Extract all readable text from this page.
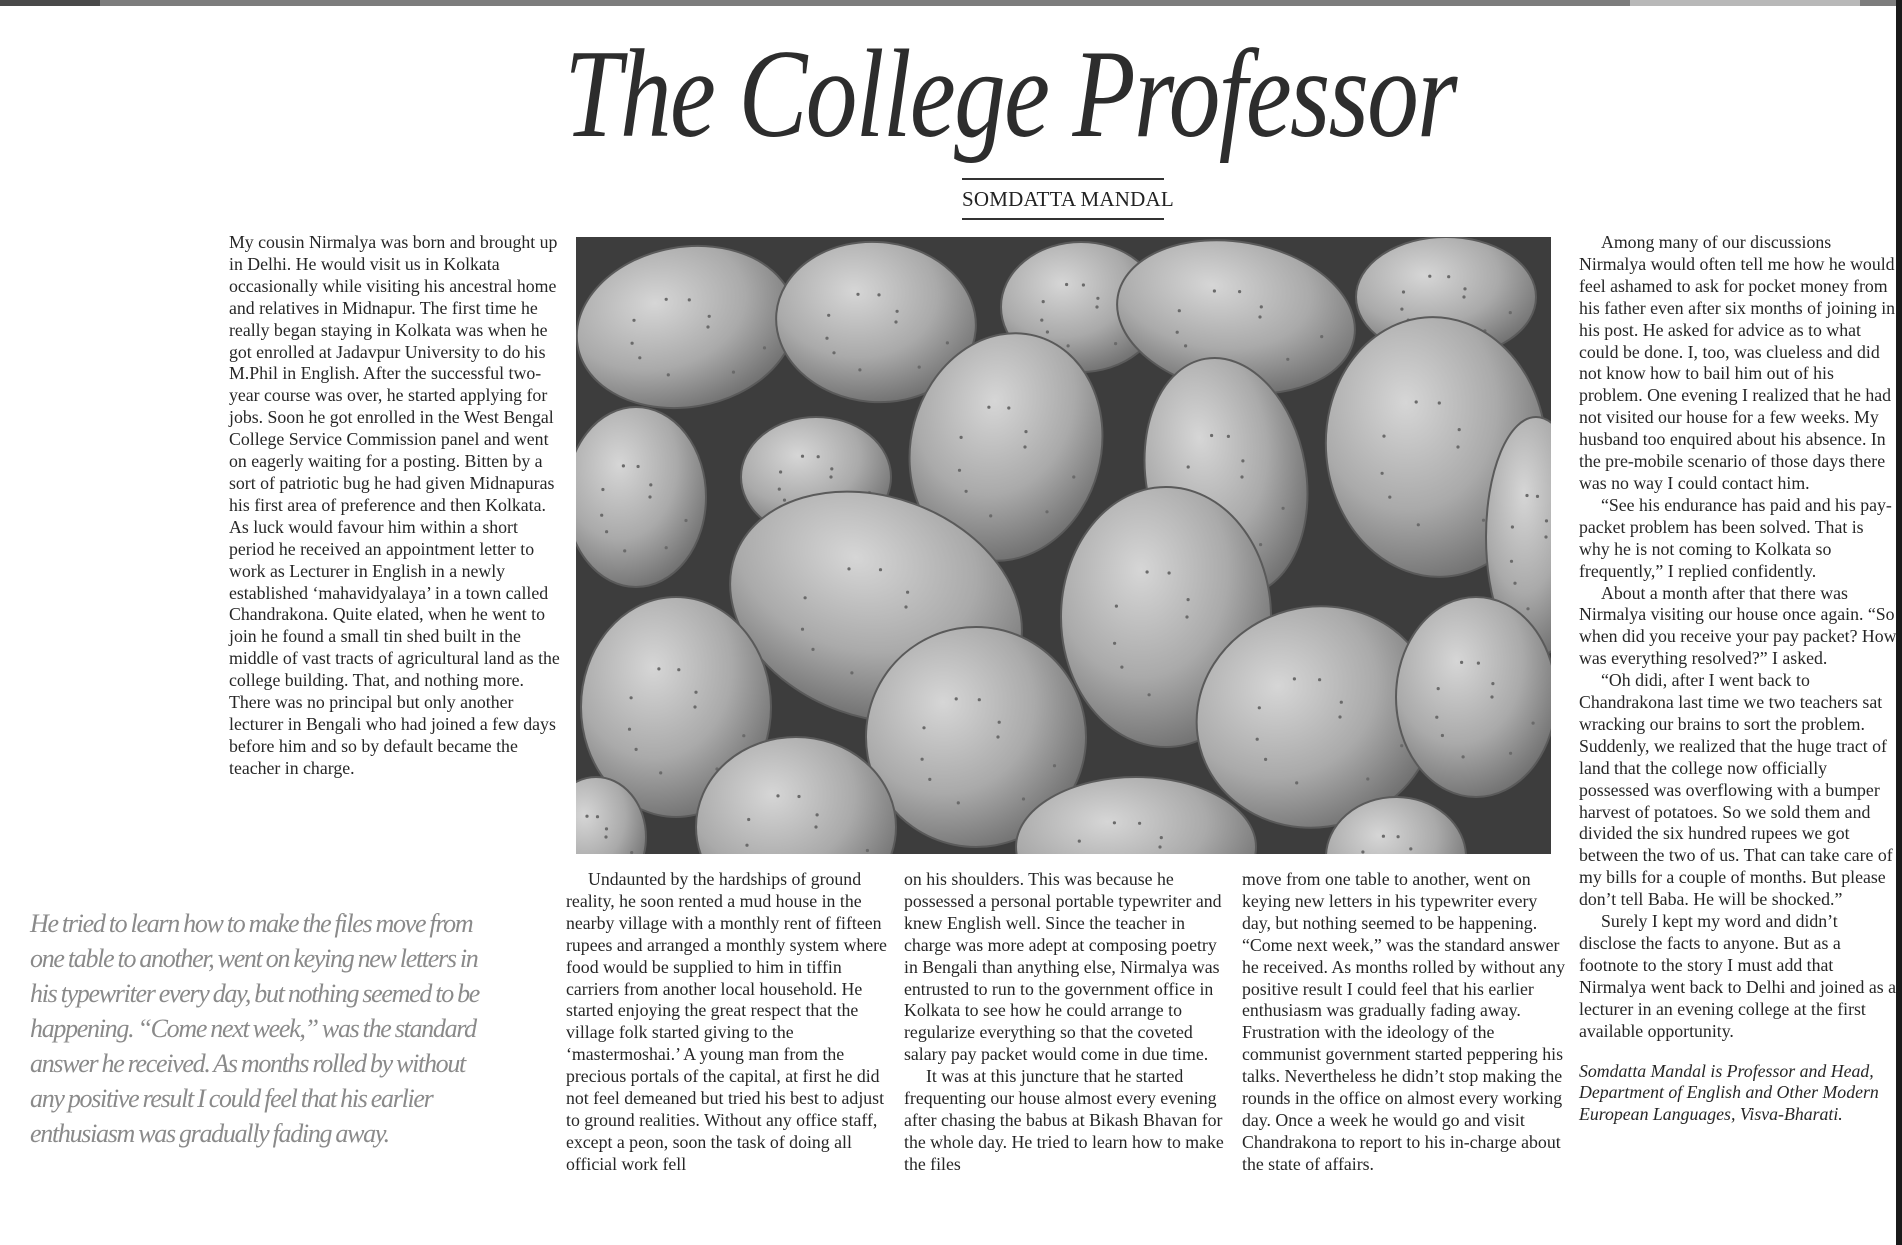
The College Professor
SOMDATTA MANDAL

My cousin Nirmalya was born and brought up in Delhi. He would visit us in Kolkata occasionally while visiting his ancestral home and relatives in Midnapur. The first time he really began staying in Kolkata was when he got enrolled at Jadavpur University to do his M.Phil in English. After the successful two-year course was over, he started applying for jobs. Soon he got enrolled in the West Bengal College Service Commission panel and went on eagerly waiting for a posting. Bitten by a sort of patriotic bug he had given Midnapuras his first area of preference and then Kolkata. As luck would favour him within a short period he received an appointment letter to work as Lecturer in English in a newly established ‘mahavidyalaya’ in a town called Chandrakona. Quite elated, when he went to join he found a small tin shed built in the middle of vast tracts of agricultural land as the college building. That, and nothing more. There was no principal but only another lecturer in Bengali who had joined a few days before him and so by default became the teacher in charge.

Undaunted by the hardships of ground reality, he soon rented a mud house in the nearby village with a monthly rent of fifteen rupees and arranged a monthly system where food would be supplied to him in tiffin carriers from another local household. He started enjoying the great respect that the village folk started giving to the ‘mastermoshai.’ A young man from the precious portals of the capital, at first he did not feel demeaned but tried his best to adjust to ground realities. Without any office staff, except a peon, soon the task of doing all official work fell

on his shoulders. This was because he possessed a personal portable typewriter and knew English well. Since the teacher in charge was more adept at composing poetry in Bengali than anything else, Nirmalya was entrusted to run to the government office in Kolkata to see how he could arrange to regularize everything so that the coveted salary pay packet would come in due time.

It was at this juncture that he started frequenting our house almost every evening after chasing the babus at Bikash Bhavan for the whole day. He tried to learn how to make the files

move from one table to another, went on keying new letters in his typewriter every day, but nothing seemed to be happening. “Come next week,” was the standard answer he received. As months rolled by without any positive result I could feel that his earlier enthusiasm was gradually fading away. Frustration with the ideology of the communist government started peppering his talks. Nevertheless he didn’t stop making the rounds in the office on almost every working day. Once a week he would go and visit Chandrakona to report to his in-charge about the state of affairs.

Among many of our discussions Nirmalya would often tell me how he would feel ashamed to ask for pocket money from his father even after six months of joining in his post. He asked for advice as to what could be done. I, too, was clueless and did not know how to bail him out of his problem. One evening I realized that he had not visited our house for a few weeks. My husband too enquired about his absence. In the pre-mobile scenario of those days there was no way I could contact him.

“See his endurance has paid and his pay-packet problem has been solved. That is why he is not coming to Kolkata so frequently,” I replied confidently.

About a month after that there was Nirmalya visiting our house once again. “So when did you receive your pay packet? How was everything resolved?” I asked.

“Oh didi, after I went back to Chandrakona last time we two teachers sat wracking our brains to sort the problem. Suddenly, we realized that the huge tract of land that the college now officially possessed was overflowing with a bumper harvest of potatoes. So we sold them and divided the six hundred rupees we got between the two of us. That can take care of my bills for a couple of months. But please don’t tell Baba. He will be shocked.”

Surely I kept my word and didn’t disclose the facts to anyone. But as a footnote to the story I must add that Nirmalya went back to Delhi and joined as a lecturer in an evening college at the first available opportunity.

Somdatta Mandal is Professor and Head, Department of English and Other Modern European Languages, Visva-Bharati.

He tried to learn how to make the files move from one table to another, went on keying new letters in his typewriter every day, but nothing seemed to be happening. “Come next week,” was the standard answer he received. As months rolled by without any positive result I could feel that his earlier enthusiasm was gradually fading away.
